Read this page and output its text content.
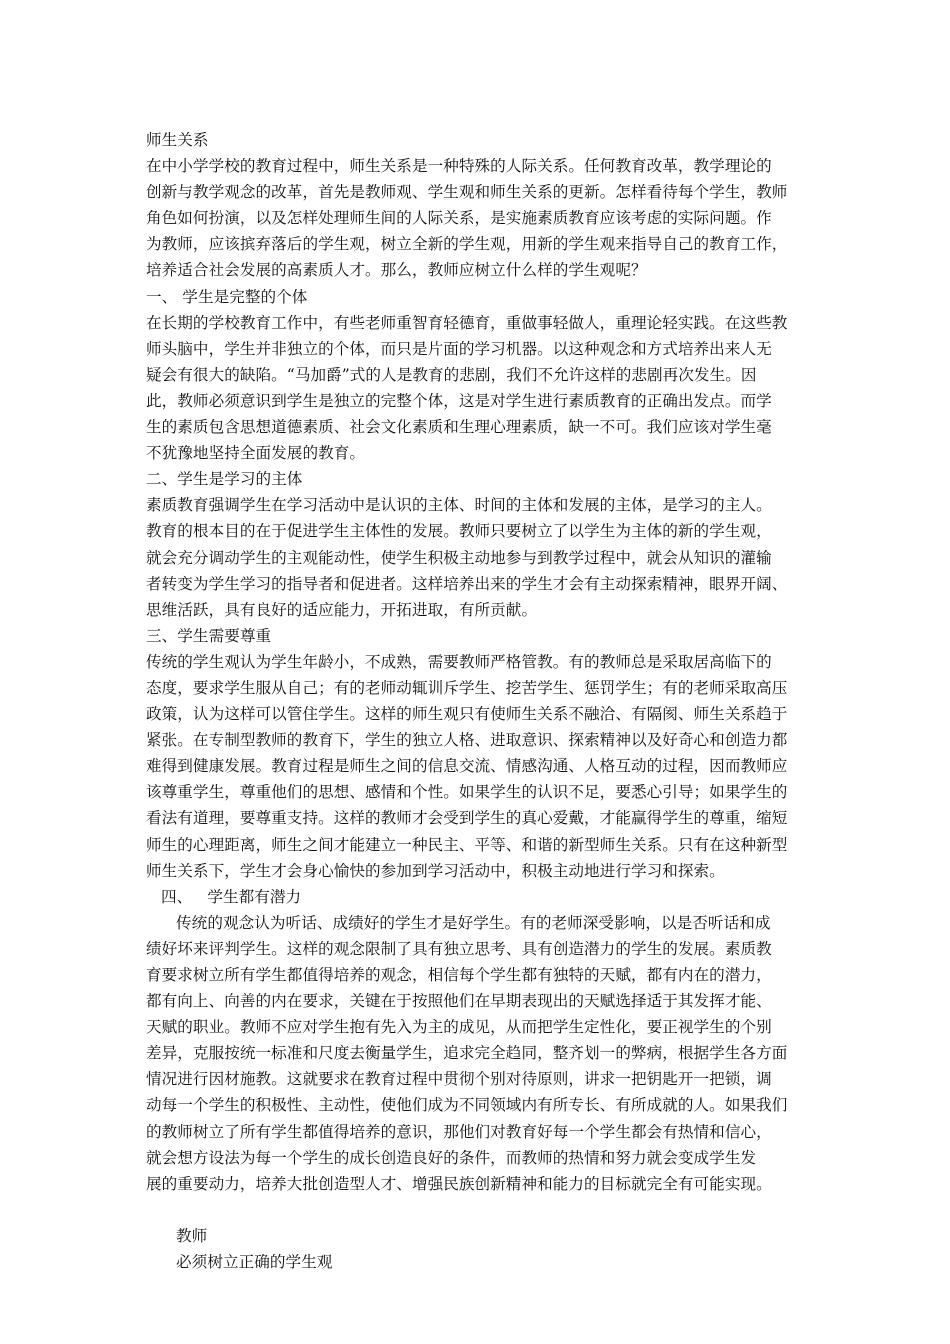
师生关系
在中小学学校的教育过程中，师生关系是一种特殊的人际关系。任何教育改革，教学理论的
创新与教学观念的改革，首先是教师观、学生观和师生关系的更新。怎样看待每个学生，教师
角色如何扮演，以及怎样处理师生间的人际关系，是实施素质教育应该考虑的实际问题。作
为教师，应该摈弃落后的学生观，树立全新的学生观，用新的学生观来指导自己的教育工作，
培养适合社会发展的高素质人才。那么，教师应树立什么样的学生观呢？
一、 学生是完整的个体
在长期的学校教育工作中，有些老师重智育轻德育，重做事轻做人，重理论轻实践。在这些教
师头脑中，学生并非独立的个体，而只是片面的学习机器。以这种观念和方式培养出来人无
疑会有很大的缺陷。“马加爵”式的人是教育的悲剧，我们不允许这样的悲剧再次发生。因
此，教师必须意识到学生是独立的完整个体，这是对学生进行素质教育的正确出发点。而学
生的素质包含思想道德素质、社会文化素质和生理心理素质，缺一不可。我们应该对学生毫
不犹豫地坚持全面发展的教育。
二、学生是学习的主体
素质教育强调学生在学习活动中是认识的主体、时间的主体和发展的主体，是学习的主人。
教育的根本目的在于促进学生主体性的发展。教师只要树立了以学生为主体的新的学生观，
就会充分调动学生的主观能动性，使学生积极主动地参与到教学过程中，就会从知识的灌输
者转变为学生学习的指导者和促进者。这样培养出来的学生才会有主动探索精神，眼界开阔、
思维活跃，具有良好的适应能力，开拓进取，有所贡献。
三、学生需要尊重
传统的学生观认为学生年龄小，不成熟，需要教师严格管教。有的教师总是采取居高临下的
态度，要求学生服从自己；有的老师动辄训斥学生、挖苦学生、惩罚学生；有的老师采取高压
政策，认为这样可以管住学生。这样的师生观只有使师生关系不融洽、有隔阂、师生关系趋于
紧张。在专制型教师的教育下，学生的独立人格、进取意识、探索精神以及好奇心和创造力都
难得到健康发展。教育过程是师生之间的信息交流、情感沟通、人格互动的过程，因而教师应
该尊重学生，尊重他们的思想、感情和个性。如果学生的认识不足，要悉心引导；如果学生的
看法有道理，要尊重支持。这样的教师才会受到学生的真心爱戴，才能赢得学生的尊重，缩短
师生的心理距离，师生之间才能建立一种民主、平等、和谐的新型师生关系。只有在这种新型
师生关系下，学生才会身心愉快的参加到学习活动中，积极主动地进行学习和探索。
四、   学生都有潜力
传统的观念认为听话、成绩好的学生才是好学生。有的老师深受影响，以是否听话和成
绩好坏来评判学生。这样的观念限制了具有独立思考、具有创造潜力的学生的发展。素质教
育要求树立所有学生都值得培养的观念，相信每个学生都有独特的天赋，都有内在的潜力，
都有向上、向善的内在要求，关键在于按照他们在早期表现出的天赋选择适于其发挥才能、
天赋的职业。教师不应对学生抱有先入为主的成见，从而把学生定性化，要正视学生的个别
差异，克服按统一标准和尺度去衡量学生，追求完全趋同，整齐划一的弊病，根据学生各方面
情况进行因材施教。这就要求在教育过程中贯彻个别对待原则，讲求一把钥匙开一把锁，调
动每一个学生的积极性、主动性，使他们成为不同领域内有所专长、有所成就的人。如果我们
的教师树立了所有学生都值得培养的意识，那他们对教育好每一个学生都会有热情和信心，
就会想方设法为每一个学生的成长创造良好的条件，而教师的热情和努力就会变成学生发
展的重要动力，培养大批创造型人才、增强民族创新精神和能力的目标就完全有可能实现。
教师
必须树立正确的学生观
